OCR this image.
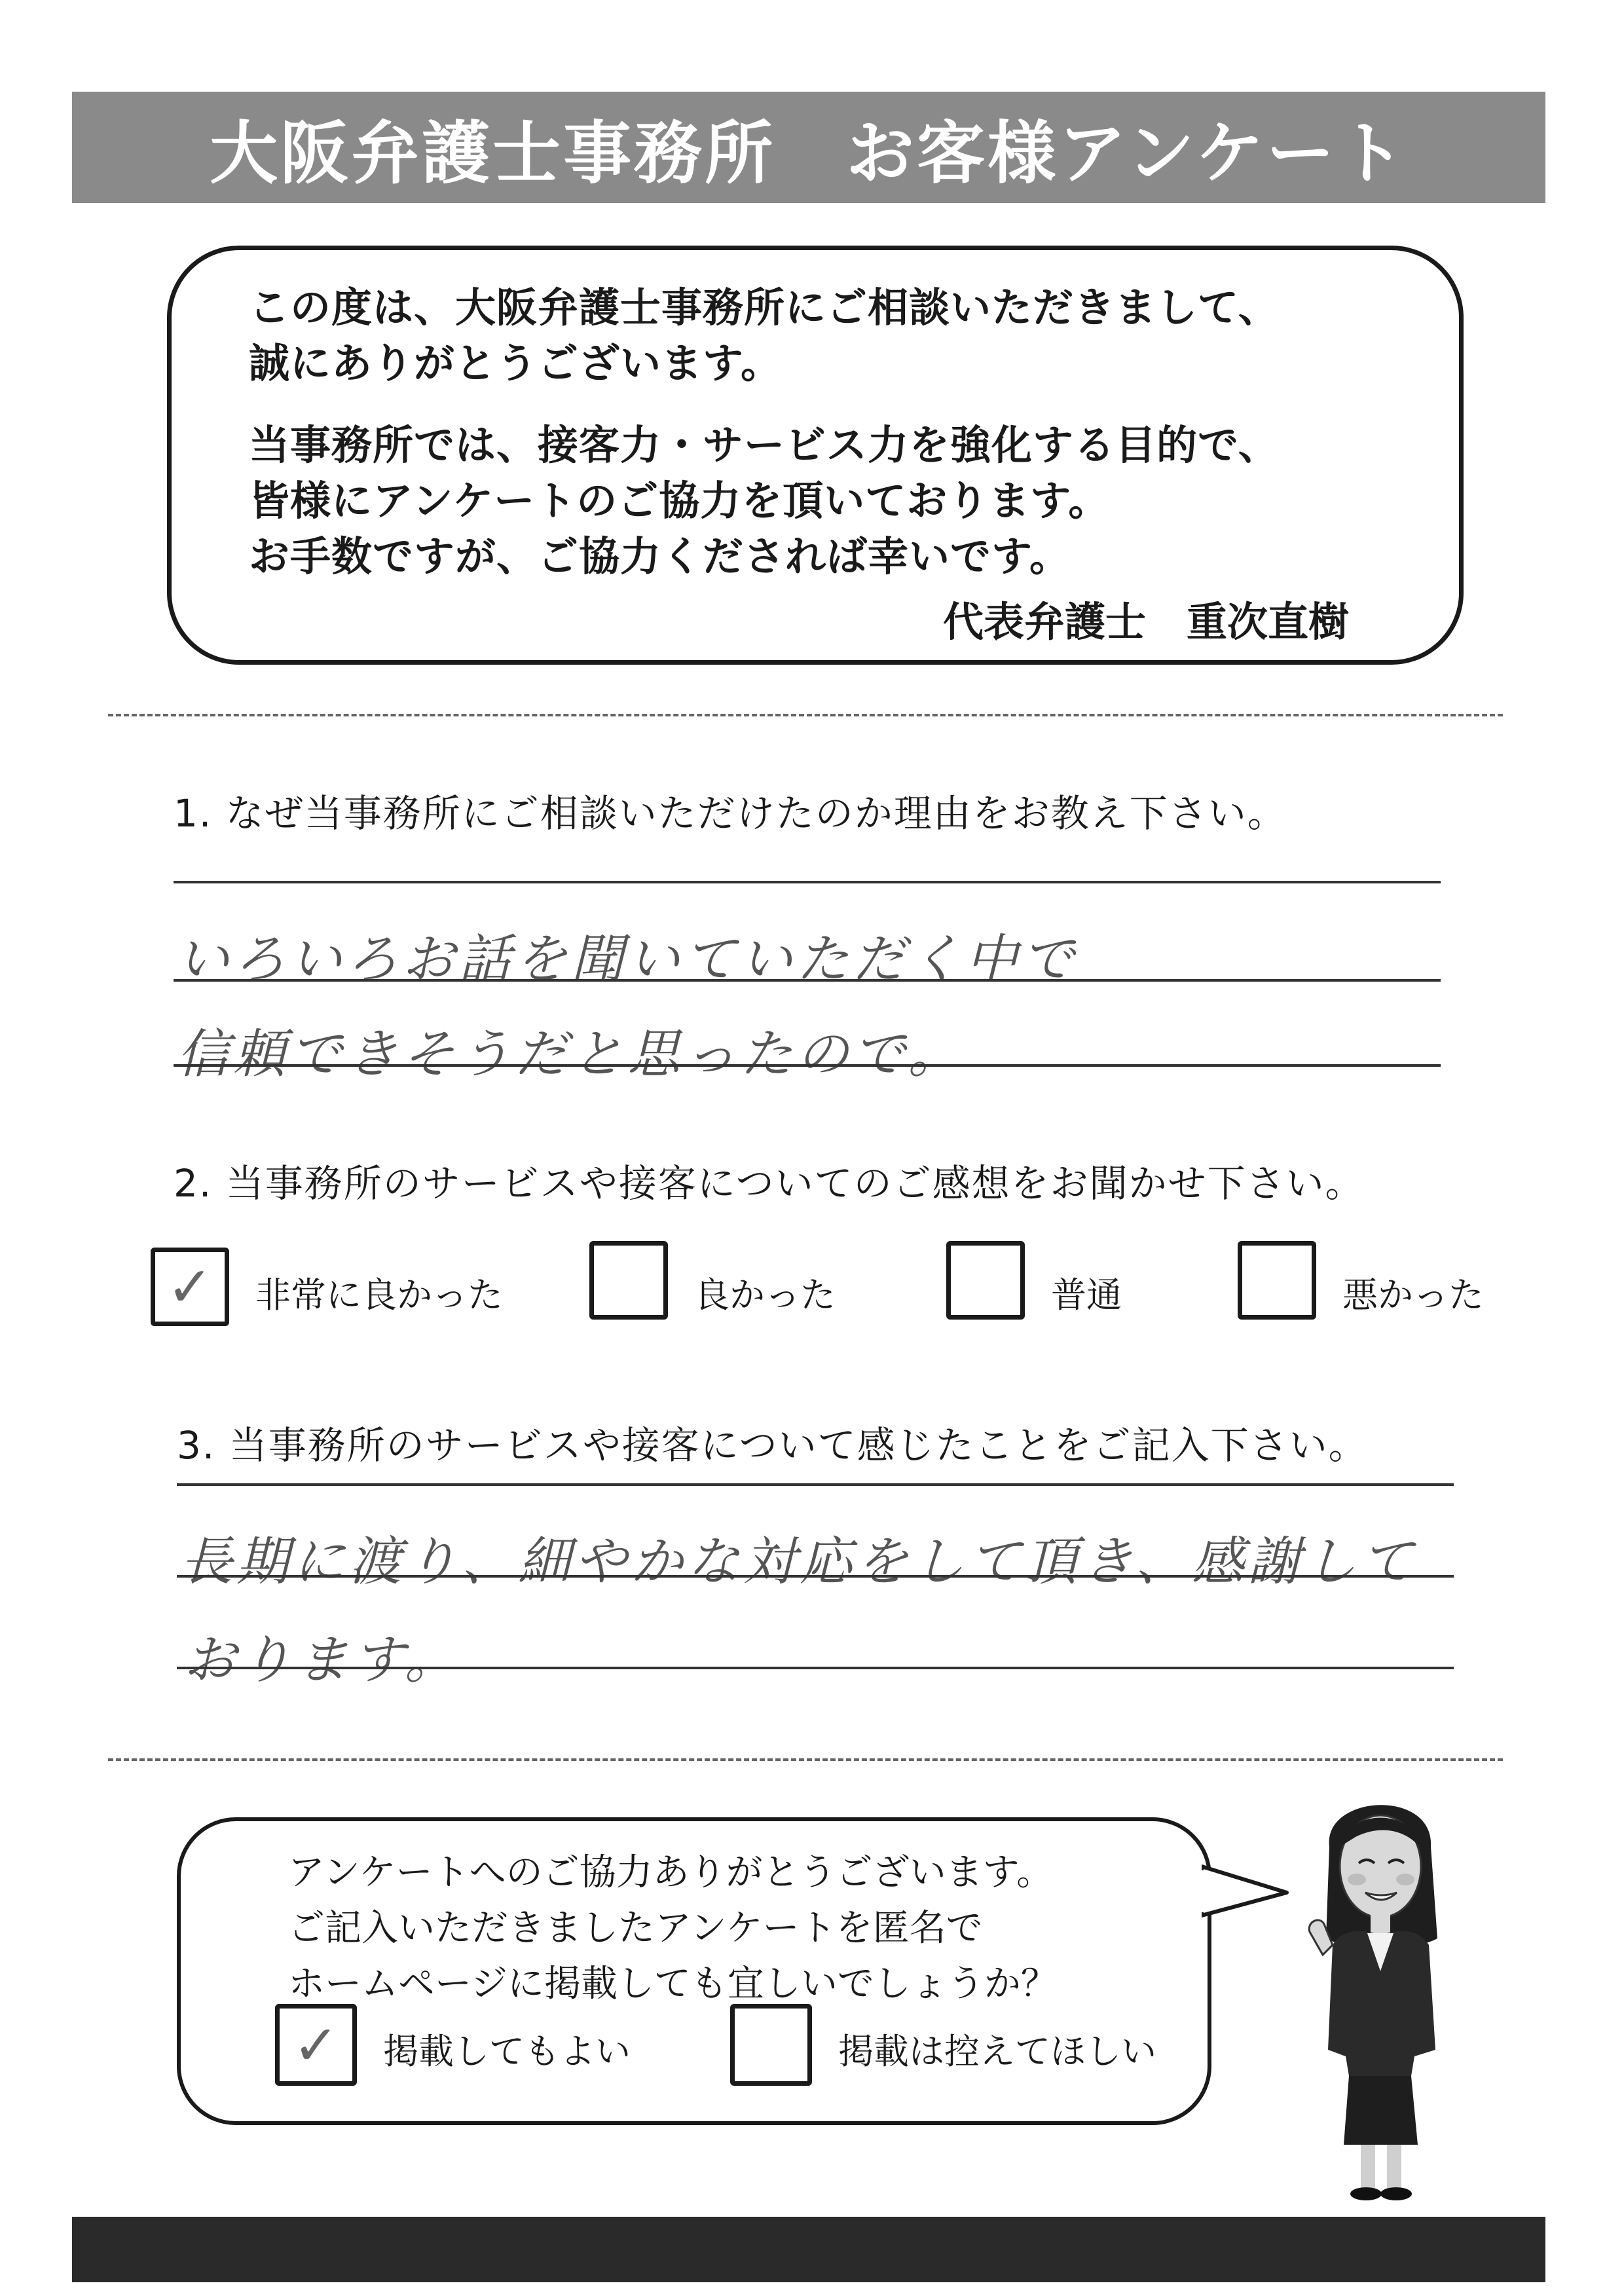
大阪弁護士事務所　お客様アンケート
この度は、大阪弁護士事務所にご相談いただきまして、
誠にありがとうございます。
当事務所では、接客力・サービス力を強化する目的で、
皆様にアンケートのご協力を頂いております。
お手数ですが、ご協力くだされば幸いです。
代表弁護士　重次直樹
1. なぜ当事務所にご相談いただけたのか理由をお教え下さい。
いろいろお話を聞いていただく中で
信頼できそうだと思ったので。
2. 当事務所のサービスや接客についてのご感想をお聞かせ下さい。
✓ 非常に良かった	良かった	普通	悪かった
3. 当事務所のサービスや接客について感じたことをご記入下さい。
長期に渡り、細やかな対応をして頂き、感謝して
おります。
アンケートへのご協力ありがとうございます。
ご記入いただきましたアンケートを匿名で
ホームページに掲載しても宜しいでしょうか？
✓ 掲載してもよい	掲載は控えてほしい
